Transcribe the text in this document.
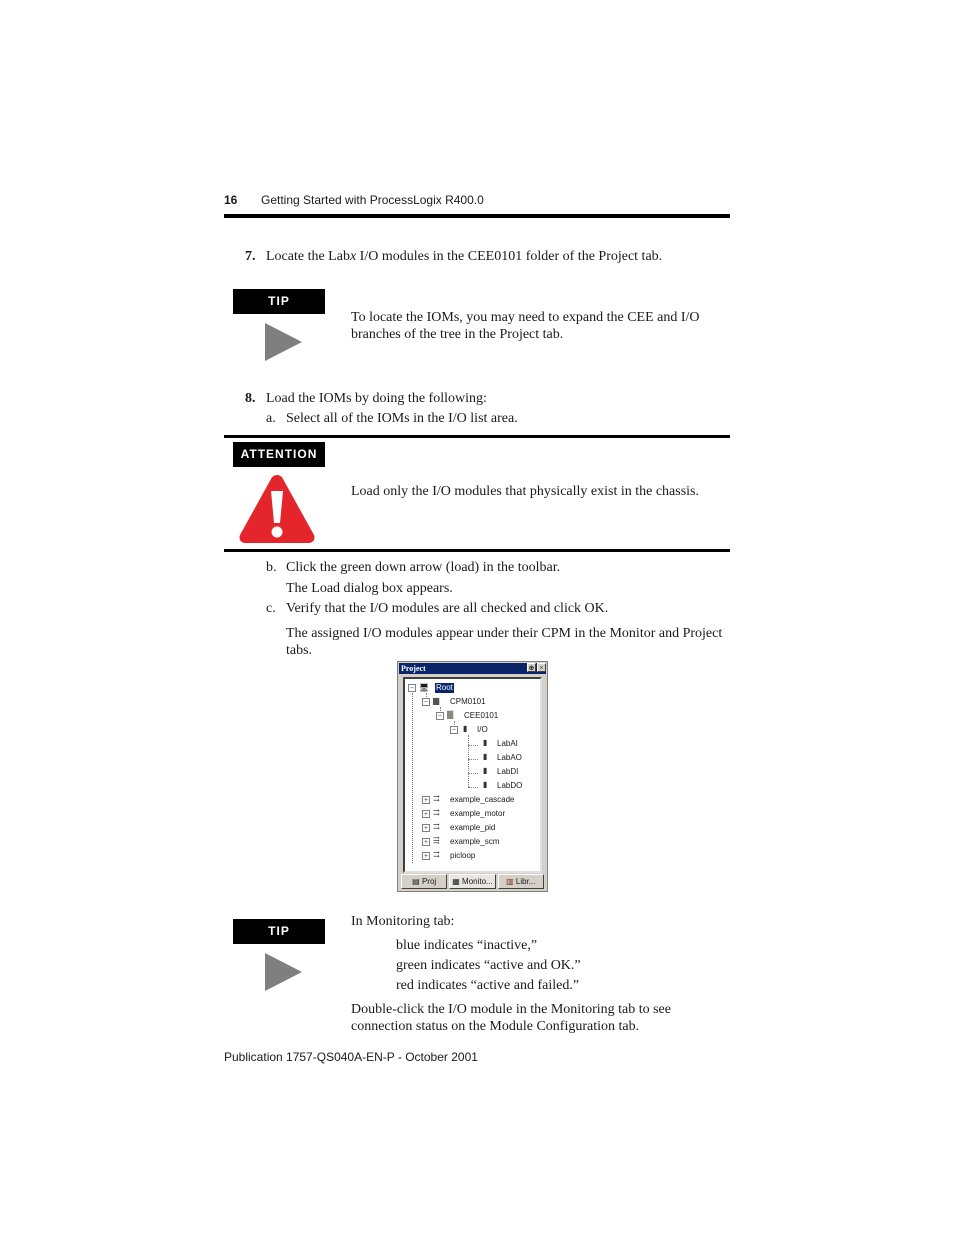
16 Getting Started with ProcessLogix R400.0
7. Locate the Labx I/O modules in the CEE0101 folder of the Project tab.
TIP
To locate the IOMs, you may need to expand the CEE and I/O branches of the tree in the Project tab.
8. Load the IOMs by doing the following:
a. Select all of the IOMs in the I/O list area.
ATTENTION
Load only the I/O modules that physically exist in the chassis.
b. Click the green down arrow (load) in the toolbar.
The Load dialog box appears.
c. Verify that the I/O modules are all checked and click OK.
The assigned I/O modules appear under their CPM in the Monitor and Project tabs.
Project	⊕ ×
− 🖥 Root
− ▆ CPM0101
− ▇ CEE0101
− ▮ I/O
▮ LabAI
▮ LabAO
▮ LabDI
▮ LabDO
+ ⇉ example_cascade
+ ⇉ example_motor
+ ⇉ example_pid
+ ⇶ example_scm
+ ⇉ picloop
▤ Proj	▦ Monito...	▥ Libr...
TIP
In Monitoring tab:
blue indicates “inactive,”
green indicates “active and OK.”
red indicates “active and failed.”
Double-click the I/O module in the Monitoring tab to see connection status on the Module Configuration tab.
Publication 1757-QS040A-EN-P - October 2001
